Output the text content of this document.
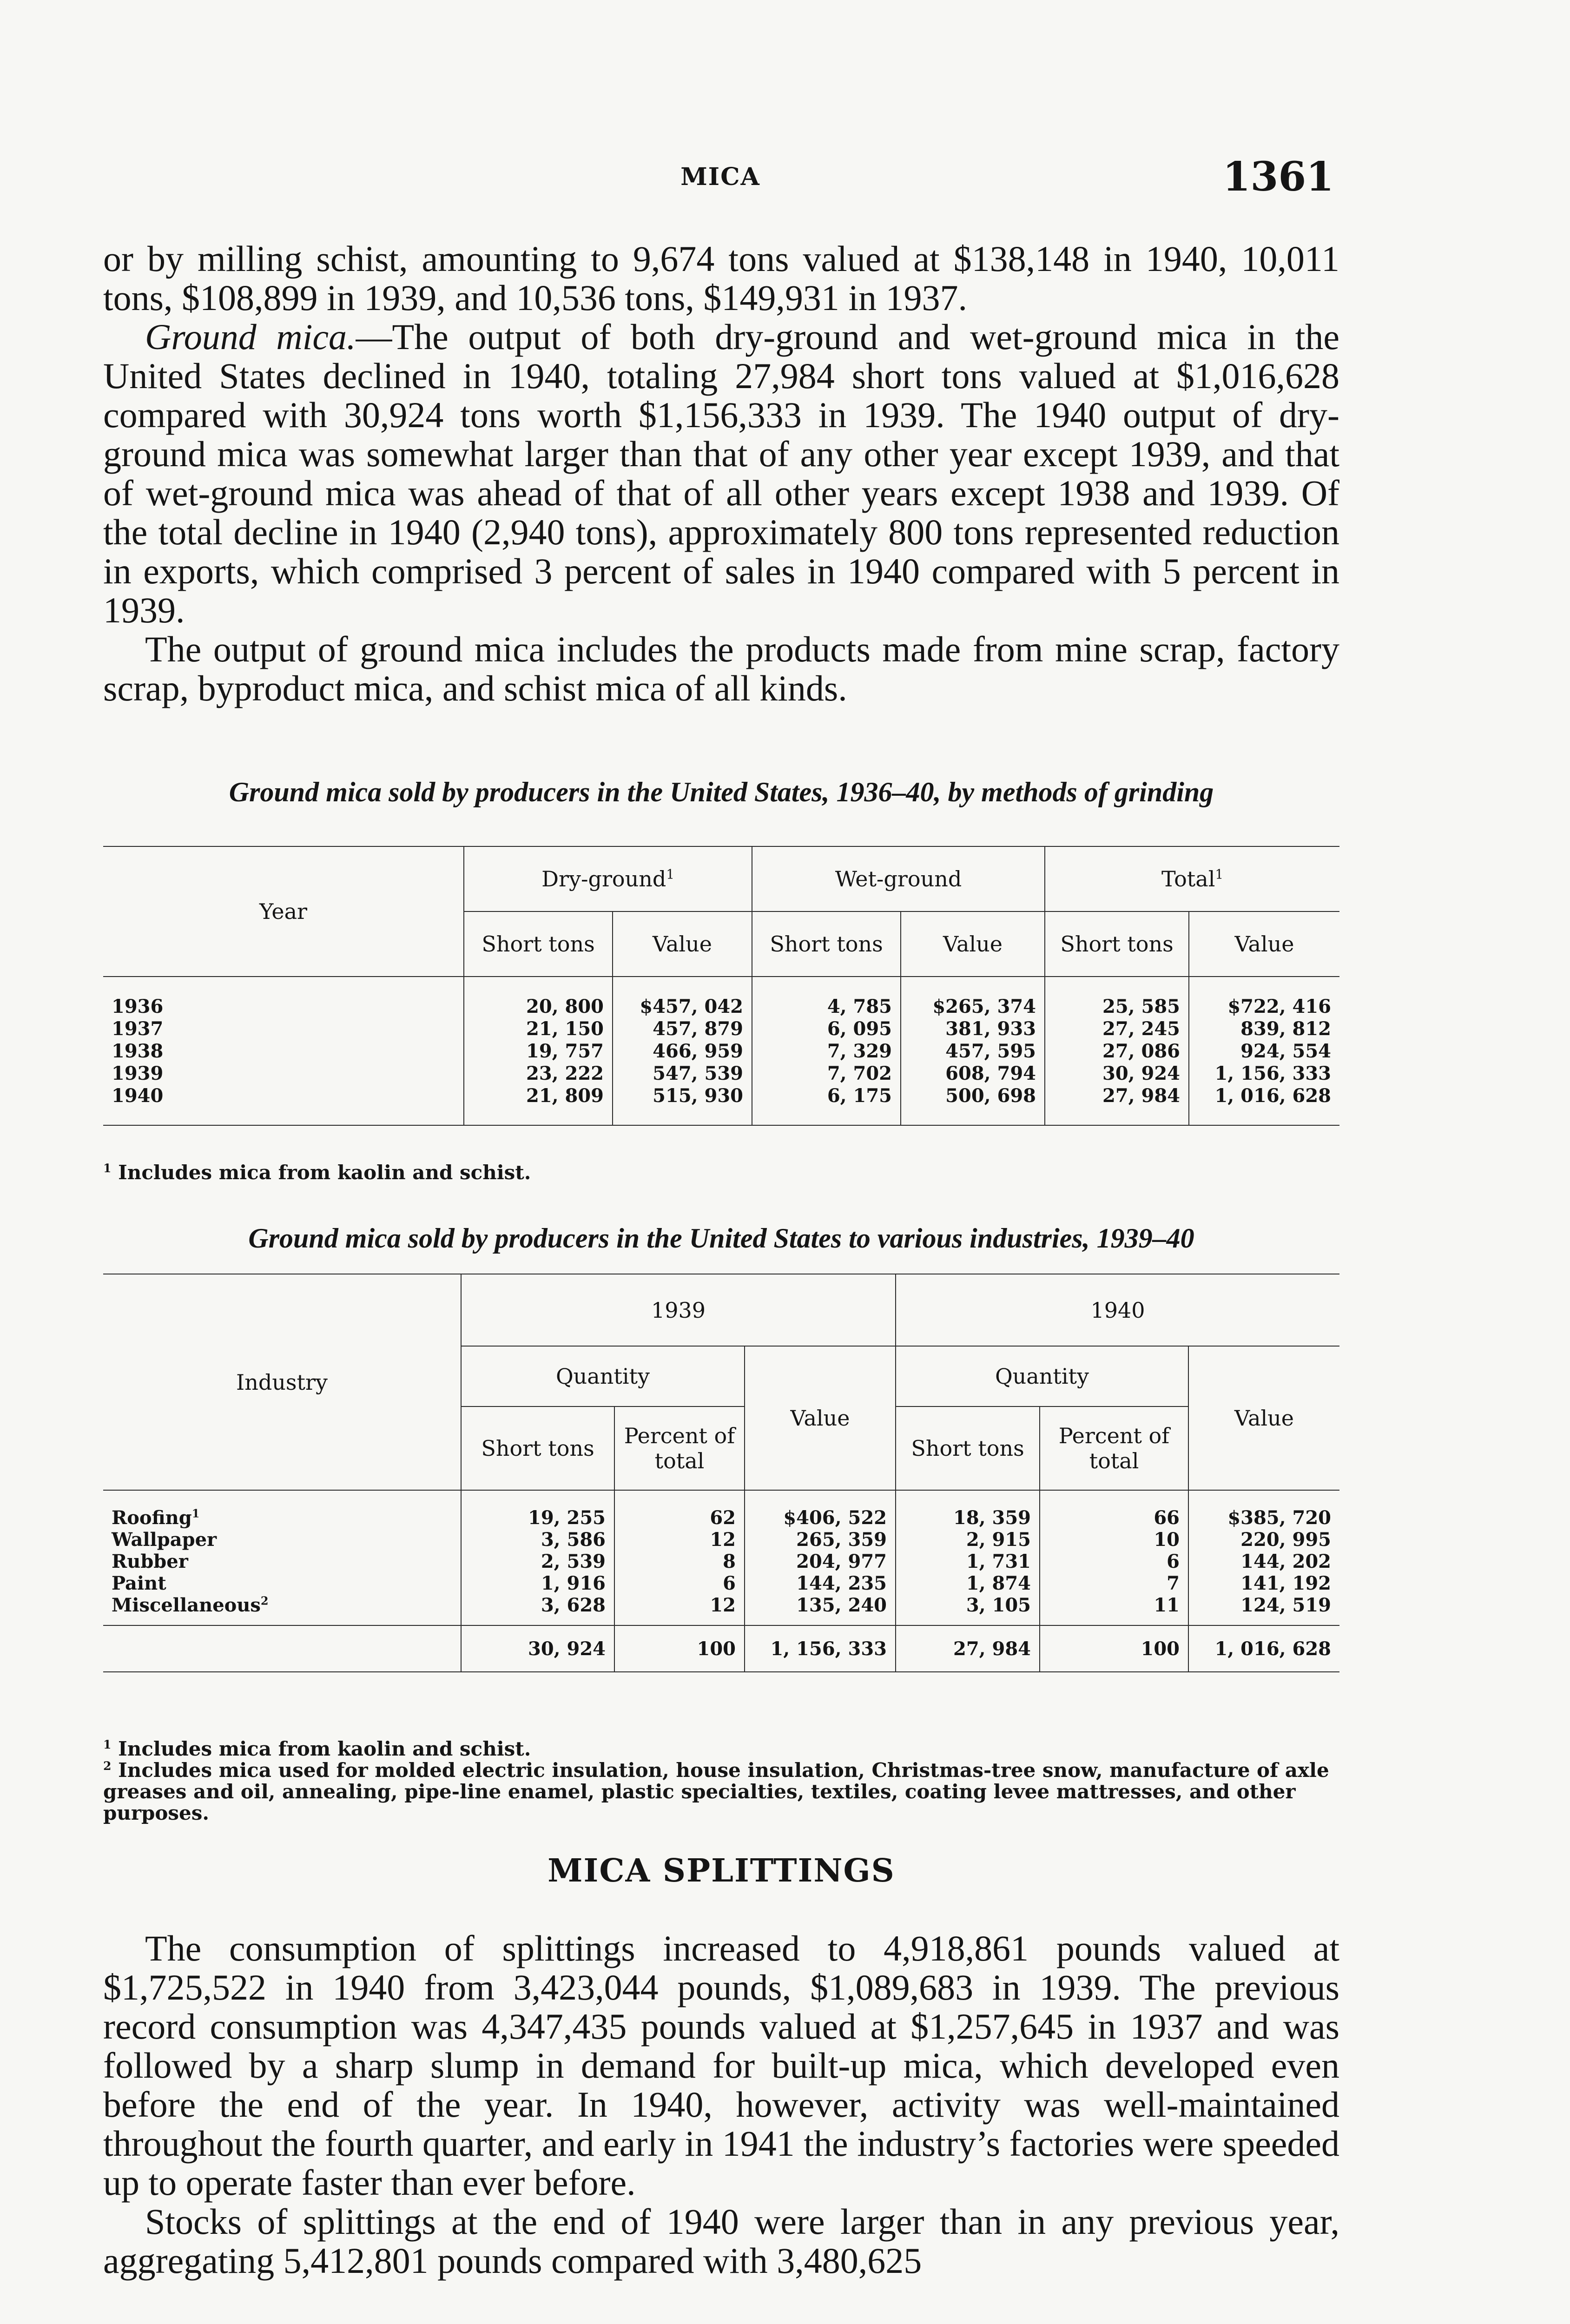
MICA	1361

or by milling schist, amounting to 9,674 tons valued at $138,148 in 1940, 10,011 tons, $108,899 in 1939, and 10,536 tons, $149,931 in 1937.

Ground mica.—The output of both dry-ground and wet-ground mica in the United States declined in 1940, totaling 27,984 short tons valued at $1,016,628 compared with 30,924 tons worth $1,156,333 in 1939. The 1940 output of dry-ground mica was somewhat larger than that of any other year except 1939, and that of wet-ground mica was ahead of that of all other years except 1938 and 1939. Of the total decline in 1940 (2,940 tons), approximately 800 tons represented reduction in exports, which comprised 3 percent of sales in 1940 compared with 5 percent in 1939.

The output of ground mica includes the products made from mine scrap, factory scrap, byproduct mica, and schist mica of all kinds.

Ground mica sold by producers in the United States, 1936–40, by methods of grinding
Year	Dry-ground$^1$		Wet-ground		Total$^1$
	Short tons	Value	Short tons	Value	Short tons	Value

1936	20, 800	$457, 042	4, 785	$265, 374	25, 585	$722, 416
1937	21, 150	457, 879	6, 095	381, 933	27, 245	839, 812
1938	19, 757	466, 959	7, 329	457, 595	27, 086	924, 554
1939	23, 222	547, 539	7, 702	608, 794	30, 924	1, 156, 333
1940	21, 809	515, 930	6, 175	500, 698	27, 984	1, 016, 628

$^1$ Includes mica from kaolin and schist.

Ground mica sold by producers in the United States to various industries, 1939–40
Industry	1939			1940		
	Quantity		Value	Quantity		Value
	Short tons	Percent of
total		Short tons	Percent of
total	

Roofing$^1$	19, 255	62	$406, 522	18, 359	66	$385, 720
Wallpaper	3, 586	12	265, 359	2, 915	10	220, 995
Rubber	2, 539	8	204, 977	1, 731	6	144, 202
Paint	1, 916	6	144, 235	1, 874	7	141, 192
Miscellaneous$^2$	3, 628	12	135, 240	3, 105	11	124, 519

	30, 924	100	1, 156, 333	27, 984	100	1, 016, 628

$^1$ Includes mica from kaolin and schist.

$^2$ Includes mica used for molded electric insulation, house insulation, Christmas-tree snow, manufacture of axle greases and oil, annealing, pipe-line enamel, plastic specialties, textiles, coating levee mattresses, and other purposes.

MICA SPLITTINGS

The consumption of splittings increased to 4,918,861 pounds valued at $1,725,522 in 1940 from 3,423,044 pounds, $1,089,683 in 1939. The previous record consumption was 4,347,435 pounds valued at $1,257,645 in 1937 and was followed by a sharp slump in demand for built-up mica, which developed even before the end of the year. In 1940, however, activity was well-maintained throughout the fourth quarter, and early in 1941 the industry’s factories were speeded up to operate faster than ever before.

Stocks of splittings at the end of 1940 were larger than in any previous year, aggregating 5,412,801 pounds compared with 3,480,625
